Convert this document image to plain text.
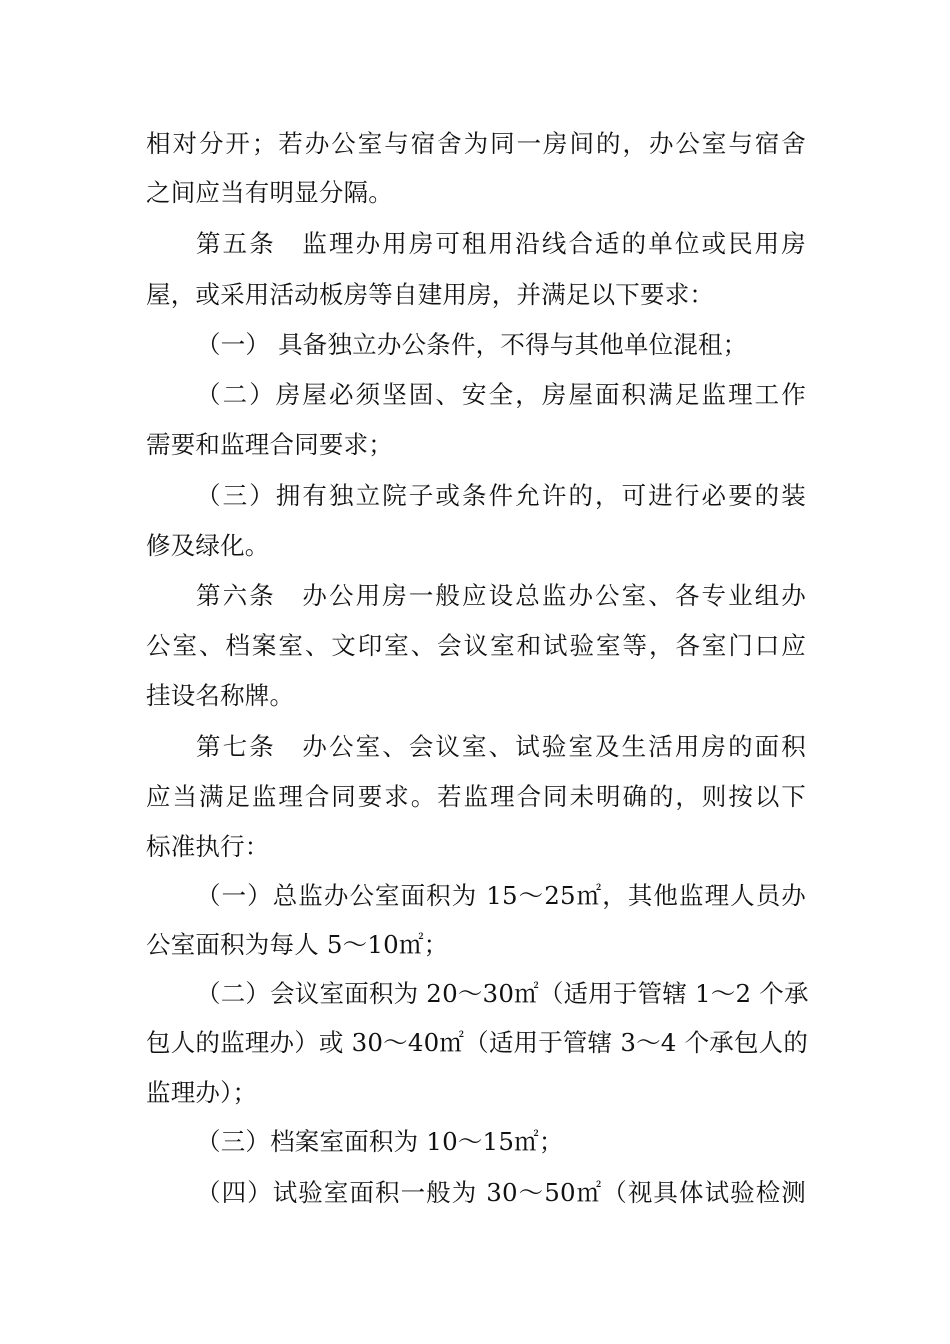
相对分开；若办公室与宿舍为同一房间的，办公室与宿舍
之间应当有明显分隔。
第五条　监理办用房可租用沿线合适的单位或民用房
屋，或采用活动板房等自建用房，并满足以下要求：
（一） 具备独立办公条件，不得与其他单位混租；
（二）房屋必须坚固、安全，房屋面积满足监理工作
需要和监理合同要求；
（三）拥有独立院子或条件允许的，可进行必要的装
修及绿化。
第六条　办公用房一般应设总监办公室、各专业组办
公室、档案室、文印室、会议室和试验室等，各室门口应
挂设名称牌。
第七条　办公室、会议室、试验室及生活用房的面积
应当满足监理合同要求。若监理合同未明确的，则按以下
标准执行：
（一）总监办公室面积为 15～25㎡，其他监理人员办
公室面积为每人 5～10㎡；
（二）会议室面积为 20～30㎡（适用于管辖 1～2 个承
包人的监理办）或 30～40㎡（适用于管辖 3～4 个承包人的
监理办）；
（三）档案室面积为 10～15㎡；
（四）试验室面积一般为 30～50㎡（视具体试验检测
